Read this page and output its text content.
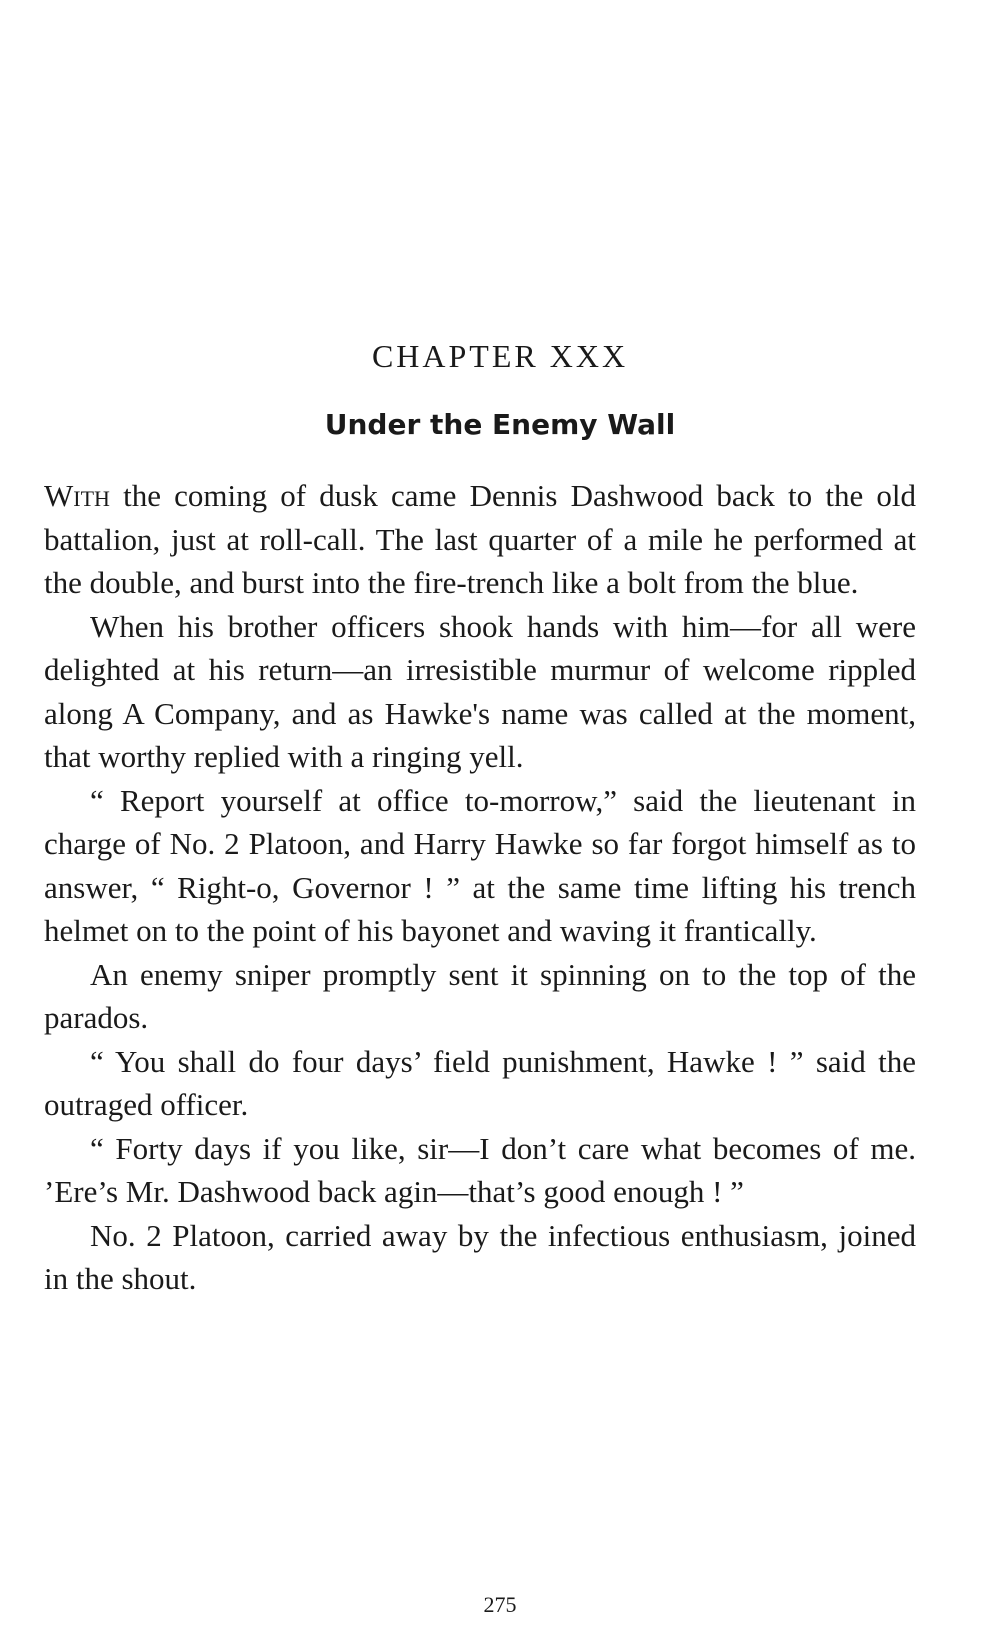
CHAPTER XXX
Under the Enemy Wall

With the coming of dusk came Dennis Dashwood back to the old battalion, just at roll-call. The last quarter of a mile he performed at the double, and burst into the fire-trench like a bolt from the blue.

When his brother officers shook hands with him—for all were delighted at his return—an irresistible murmur of welcome rippled along A Company, and as Hawke's name was called at the moment, that worthy replied with a ringing yell.

“ Report yourself at office to-morrow,” said the lieutenant in charge of No. 2 Platoon, and Harry Hawke so far forgot himself as to answer, “ Right-o, Governor ! ” at the same time lifting his trench helmet on to the point of his bayonet and waving it frantically.

An enemy sniper promptly sent it spinning on to the top of the parados.

“ You shall do four days’ field punishment, Hawke ! ” said the outraged officer.

“ Forty days if you like, sir—I don’t care what becomes of me. ’Ere’s Mr. Dashwood back agin—that’s good enough ! ”

No. 2 Platoon, carried away by the infectious enthusiasm, joined in the shout.

275
